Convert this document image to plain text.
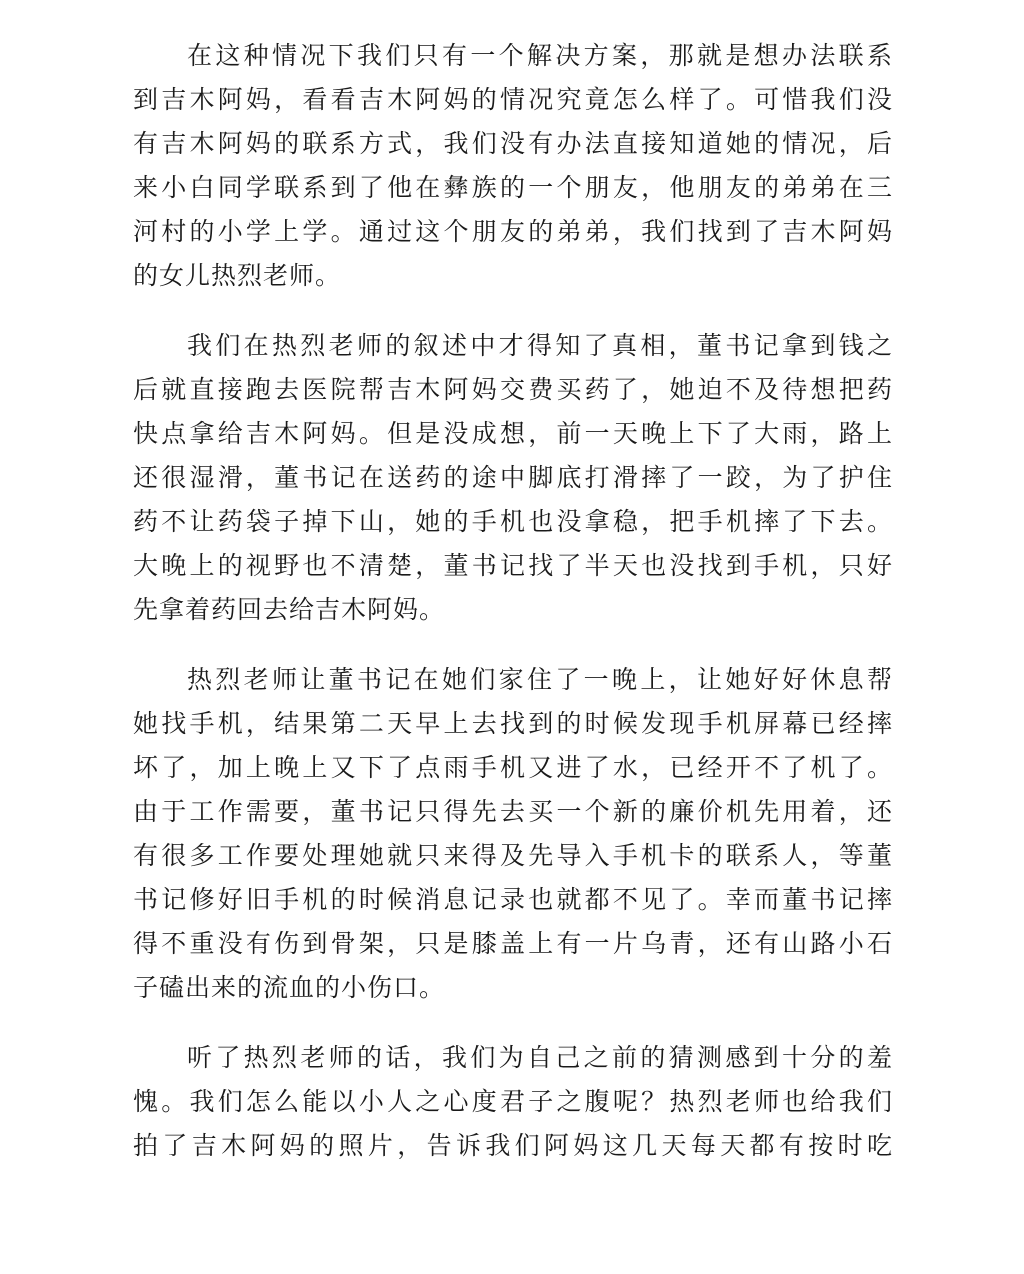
在这种情况下我们只有一个解决方案，那就是想办法联系
到吉木阿妈，看看吉木阿妈的情况究竟怎么样了。可惜我们没
有吉木阿妈的联系方式，我们没有办法直接知道她的情况，后
来小白同学联系到了他在彝族的一个朋友，他朋友的弟弟在三
河村的小学上学。通过这个朋友的弟弟，我们找到了吉木阿妈
的女儿热烈老师。
我们在热烈老师的叙述中才得知了真相，董书记拿到钱之
后就直接跑去医院帮吉木阿妈交费买药了，她迫不及待想把药
快点拿给吉木阿妈。但是没成想，前一天晚上下了大雨，路上
还很湿滑，董书记在送药的途中脚底打滑摔了一跤，为了护住
药不让药袋子掉下山，她的手机也没拿稳，把手机摔了下去。
大晚上的视野也不清楚，董书记找了半天也没找到手机，只好
先拿着药回去给吉木阿妈。
热烈老师让董书记在她们家住了一晚上，让她好好休息帮
她找手机，结果第二天早上去找到的时候发现手机屏幕已经摔
坏了，加上晚上又下了点雨手机又进了水，已经开不了机了。
由于工作需要，董书记只得先去买一个新的廉价机先用着，还
有很多工作要处理她就只来得及先导入手机卡的联系人，等董
书记修好旧手机的时候消息记录也就都不见了。幸而董书记摔
得不重没有伤到骨架，只是膝盖上有一片乌青，还有山路小石
子磕出来的流血的小伤口。
听了热烈老师的话，我们为自己之前的猜测感到十分的羞
愧。我们怎么能以小人之心度君子之腹呢？热烈老师也给我们
拍了吉木阿妈的照片，告诉我们阿妈这几天每天都有按时吃
